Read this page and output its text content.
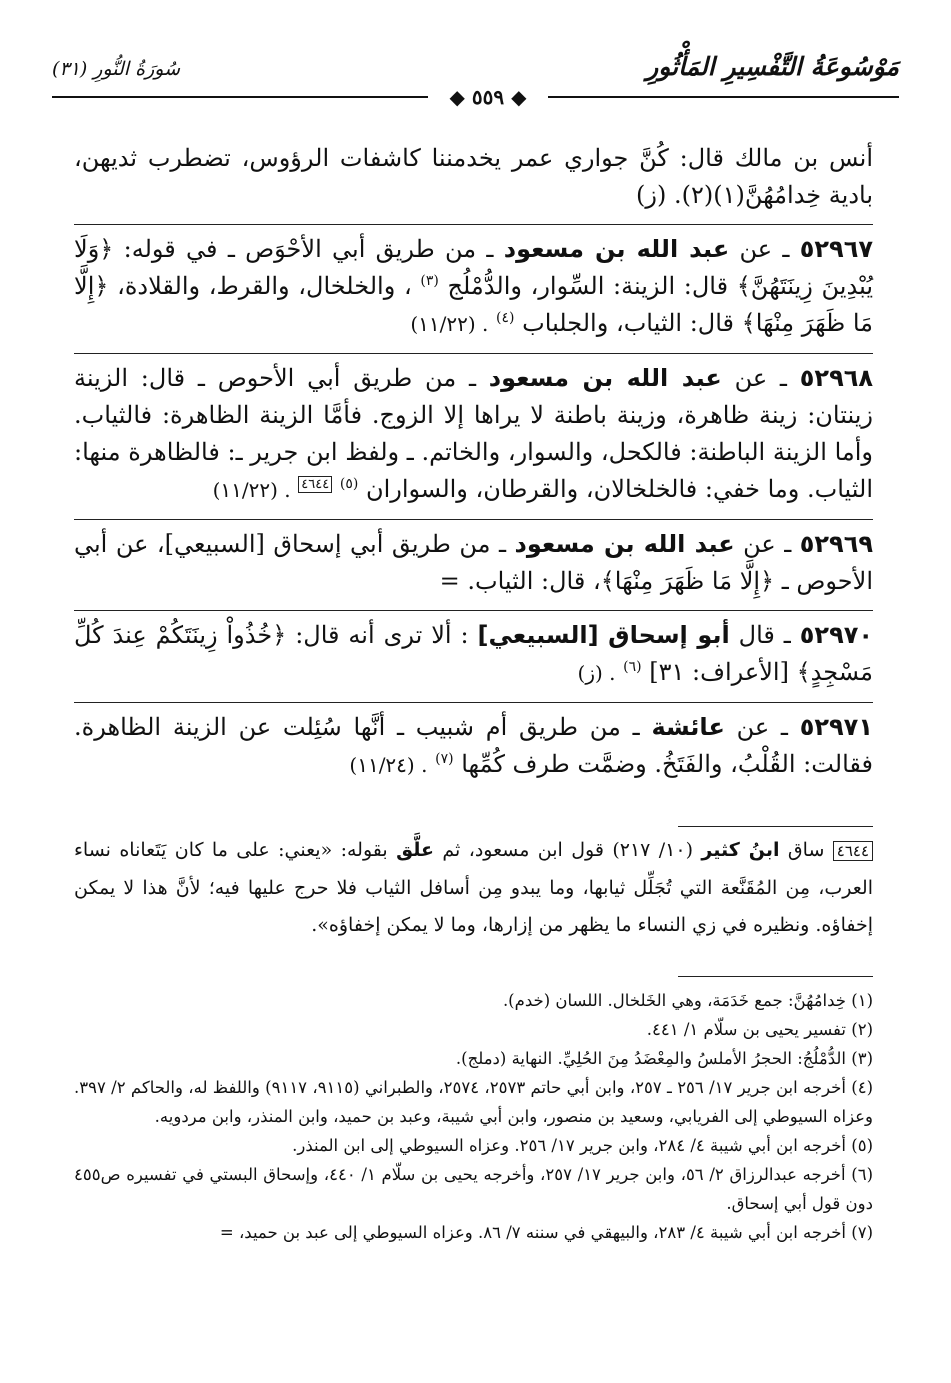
مَوْسُوعَةُ التَّفْسِيرِ المَأْثُورِ
سُورَةُ النُّورِ (٣١)
◆ ٥٥٩ ◆

أنس بن مالك قال: كُنَّ جواري عمر يخدمننا كاشفات الرؤوس، تضطرب ثديهن، بادية خِدامُهُنَّ(١)(٢). (ز)

٥٢٩٦٧ ـ عن عبد الله بن مسعود ـ من طريق أبي الأحْوَص ـ في قوله: ﴿وَلَا يُبْدِينَ زِينَتَهُنَّ﴾ قال: الزينة: السِّوار، والدُّمْلُج $^{(٣)}$ ، والخلخال، والقرط، والقلادة، ﴿إِلَّا مَا ظَهَرَ مِنْهَا﴾ قال: الثياب، والجلباب $^{(٤)}$ . (١١/٢٢)

٥٢٩٦٨ ـ عن عبد الله بن مسعود ـ من طريق أبي الأحوص ـ قال: الزينة زينتان: زينة ظاهرة، وزينة باطنة لا يراها إلا الزوج. فأمَّا الزينة الظاهرة: فالثياب. وأما الزينة الباطنة: فالكحل، والسوار، والخاتم. ـ ولفظ ابن جرير ـ: فالظاهرة منها: الثياب. وما خفي: فالخلخالان، والقرطان، والسواران $^{(٥)}$ $^{٤٦٤٤}$ . (١١/٢٢)

٥٢٩٦٩ ـ عن عبد الله بن مسعود ـ من طريق أبي إسحاق [السبيعي]، عن أبي الأحوص ـ ﴿إِلَّا مَا ظَهَرَ مِنْهَا﴾، قال: الثياب. =

٥٢٩٧٠ ـ قال أبو إسحاق [السبيعي] : ألا ترى أنه قال: ﴿خُذُواْ زِينَتَكُمْ عِندَ كُلِّ مَسْجِدٍ﴾ [الأعراف: ٣١] $^{(٦)}$ . (ز)

٥٢٩٧١ ـ عن عائشة ـ من طريق أم شبيب ـ أنَّها سُئِلت عن الزينة الظاهرة. فقالت: القُلْبُ، والفَتَخُ. وضمَّت طرف كُمِّها $^{(٧)}$ . (١١/٢٤)

٤٦٤٤ ساق ابنُ كثير (١٠/ ٢١٧) قول ابن مسعود، ثم علَّق بقوله: «يعني: على ما كان يَتَعاناه نساء العرب، مِن المُقَنَّعة التي تُجَلِّل ثيابها، وما يبدو مِن أسافل الثياب فلا حرج عليها فيه؛ لأنَّ هذا لا يمكن إخفاؤه. ونظيره في زي النساء ما يظهر من إزارها، وما لا يمكن إخفاؤه».

(١) خِدامُهُنَّ: جمع خَدَمَة، وهي الخَلخال. اللسان (خدم).

(٢) تفسير يحيى بن سلّام ١/ ٤٤١.

(٣) الدُّمْلُجُ: الحجرُ الأملسُ والمِعْضَدُ مِنَ الحُلِيِّ. النهاية (دملج).

(٤) أخرجه ابن جرير ١٧/ ٢٥٦ ـ ٢٥٧، وابن أبي حاتم ٢٥٧٣، ٢٥٧٤، والطبراني (٩١١٥، ٩١١٧) واللفظ له، والحاكم ٢/ ٣٩٧. وعزاه السيوطي إلى الفريابي، وسعيد بن منصور، وابن أبي شيبة، وعبد بن حميد، وابن المنذر، وابن مردويه.

(٥) أخرجه ابن أبي شيبة ٤/ ٢٨٤، وابن جرير ١٧/ ٢٥٦. وعزاه السيوطي إلى ابن المنذر.

(٦) أخرجه عبدالرزاق ٢/ ٥٦، وابن جرير ١٧/ ٢٥٧، وأخرجه يحيى بن سلّام ١/ ٤٤٠، وإسحاق البستي في تفسيره ص٤٥٥ دون قول أبي إسحاق.

(٧) أخرجه ابن أبي شيبة ٤/ ٢٨٣، والبيهقي في سننه ٧/ ٨٦. وعزاه السيوطي إلى عبد بن حميد، =
